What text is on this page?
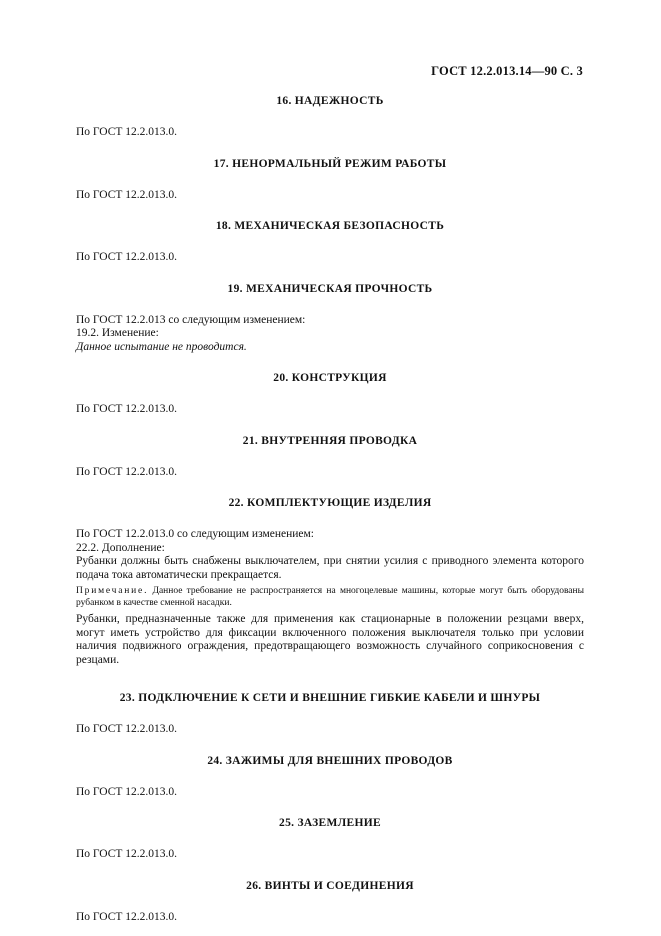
ГОСТ 12.2.013.14—90 С. 3
16. НАДЕЖНОСТЬ

По ГОСТ 12.2.013.0.

17. НЕНОРМАЛЬНЫЙ РЕЖИМ РАБОТЫ

По ГОСТ 12.2.013.0.

18. МЕХАНИЧЕСКАЯ БЕЗОПАСНОСТЬ

По ГОСТ 12.2.013.0.

19. МЕХАНИЧЕСКАЯ ПРОЧНОСТЬ

По ГОСТ 12.2.013 со следующим изменением:

19.2. Изменение:

Данное испытание не проводится.

20. КОНСТРУКЦИЯ

По ГОСТ 12.2.013.0.

21. ВНУТРЕННЯЯ ПРОВОДКА

По ГОСТ 12.2.013.0.

22. КОМПЛЕКТУЮЩИЕ ИЗДЕЛИЯ

По ГОСТ 12.2.013.0 со следующим изменением:

22.2. Дополнение:

Рубанки должны быть снабжены выключателем, при снятии усилия с приводного элемента которого подача тока автоматически прекращается.

Примечание. Данное требование не распространяется на многоцелевые машины, которые могут быть оборудованы рубанком в качестве сменной насадки.

Рубанки, предназначенные также для применения как стационарные в положении резцами вверх, могут иметь устройство для фиксации включенного положения выключателя только при условии наличия подвижного ограждения, предотвращающего возможность случайного соприкосновения с резцами.

23. ПОДКЛЮЧЕНИЕ К СЕТИ И ВНЕШНИЕ ГИБКИЕ КАБЕЛИ И ШНУРЫ

По ГОСТ 12.2.013.0.

24. ЗАЖИМЫ ДЛЯ ВНЕШНИХ ПРОВОДОВ

По ГОСТ 12.2.013.0.

25. ЗАЗЕМЛЕНИЕ

По ГОСТ 12.2.013.0.

26. ВИНТЫ И СОЕДИНЕНИЯ

По ГОСТ 12.2.013.0.
